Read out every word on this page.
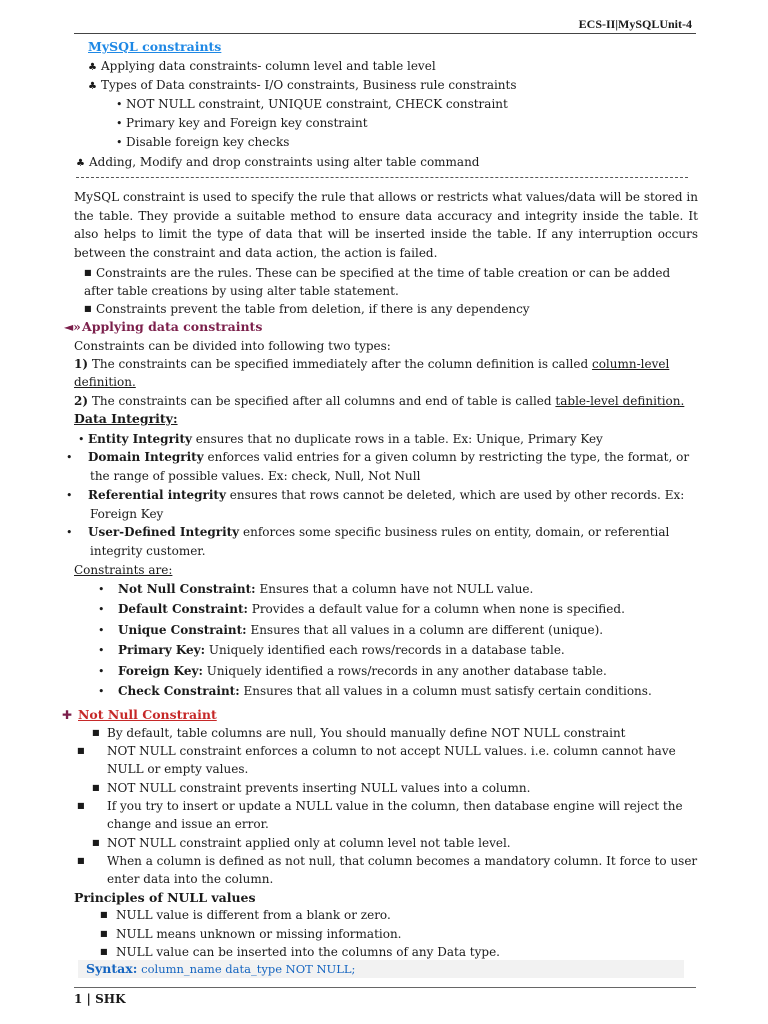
ECS-II|MySQLUnit-4
MySQL constraints
♣ Applying data constraints- column level and table level
♣ Types of Data constraints- I/O constraints, Business rule constraints
• NOT NULL constraint, UNIQUE constraint, CHECK constraint
• Primary key and Foreign key constraint
• Disable foreign key checks
♣ Adding, Modify and drop constraints using alter table command
MySQL constraint is used to specify the rule that allows or restricts what values/data will be stored in the table. They provide a suitable method to ensure data accuracy and integrity inside the table. It also helps to limit the type of data that will be inserted inside the table. If any interruption occurs between the constraint and data action, the action is failed.
■ Constraints are the rules. These can be specified at the time of table creation or can be added after table creations by using alter table statement.
■ Constraints prevent the table from deletion, if there is any dependency
◄»Applying data constraints
Constraints can be divided into following two types:
1) The constraints can be specified immediately after the column definition is called column-level definition.
2) The constraints can be specified after all columns and end of table is called table-level definition.
Data Integrity:
• Entity Integrity ensures that no duplicate rows in a table. Ex: Unique, Primary Key
• Domain Integrity enforces valid entries for a given column by restricting the type, the format, or the range of possible values. Ex: check, Null, Not Null
• Referential integrity ensures that rows cannot be deleted, which are used by other records. Ex: Foreign Key
• User-Defined Integrity enforces some specific business rules on entity, domain, or referential integrity customer.
Constraints are:
• Not Null Constraint: Ensures that a column have not NULL value.
• Default Constraint: Provides a default value for a column when none is specified.
• Unique Constraint: Ensures that all values in a column are different (unique).
• Primary Key: Uniquely identified each rows/records in a database table.
• Foreign Key: Uniquely identified a rows/records in any another database table.
• Check Constraint: Ensures that all values in a column must satisfy certain conditions.
✚ Not Null Constraint
■ By default, table columns are null, You should manually define NOT NULL constraint
■ NOT NULL constraint enforces a column to not accept NULL values. i.e. column cannot have NULL or empty values.
■ NOT NULL constraint prevents inserting NULL values into a column.
■ If you try to insert or update a NULL value in the column, then database engine will reject the change and issue an error.
■ NOT NULL constraint applied only at column level not table level.
■ When a column is defined as not null, that column becomes a mandatory column. It force to user enter data into the column.
Principles of NULL values
■ NULL value is different from a blank or zero.
■ NULL means unknown or missing information.
■ NULL value can be inserted into the columns of any Data type.
Syntax: column_name data_type NOT NULL;
1 | SHK
